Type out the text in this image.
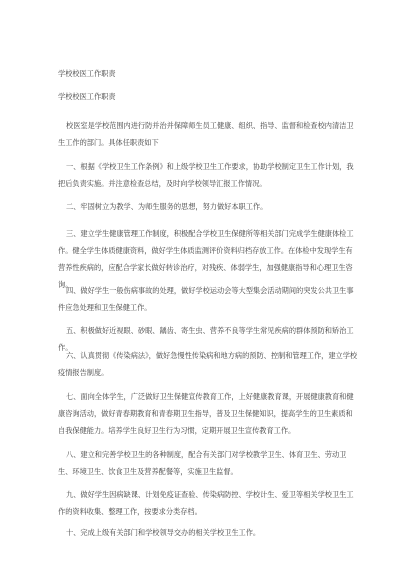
学校校医工作职责
学校校医工作职责
校医室是学校范围内进行防并治并保障师生员工健康、组织、指导、监督和检查校内清洁卫生工作的部门。具体任职责如下
一、根据《学校卫生工作条例》和上级学校卫生工作要求，协助学校制定卫生工作计划，我把后负责实施。并注意检查总结，及时向学校领导汇报工作情况。
二、牢固树立为教学、为师生服务的思想，努力做好本职工作。
三、建立学生健康管理工作制度，积极配合学校卫生保健所等相关部门完成学生健康体检工作。健全学生体质健康资料，做好学生体质监测评价资料归档存放工作。在体检中发现学生有营养性疾病的，应配合学家长做好转诊治疗，对残疾、体弱学生，加强健康指导和心理卫生咨询。
四、做好学生一般伤病事故的处理，做好学校运动会等大型集会活动期间的突发公共卫生事件应急处理和卫生保健工作。
五、积极做好近视眼、砂眼、龋齿、寄生虫、营养不良等学生常见疾病的群体预防和矫治工作。
六、认真贯彻《传染病法》，做好急慢性传染病和地方病的预防、控制和管理工作，建立学校疫情报告制度。
七、面向全体学生，广泛做好卫生保健宣传教育工作，上好健康教育课，开展健康教育和健康咨询活动，做好青春期教育和青春期卫生指导，普及卫生保健知识，提高学生的卫生素质和自我保健能力。培养学生良好卫生行为习惯，定期开展卫生宣传教育工作。
八、建立和完善学校卫生的各种制度，配合有关部门对学校教学卫生、体育卫生、劳动卫生、环境卫生、饮食卫生及营养配餐等，实施卫生监督。
九、做好学生因病缺课、计划免疫证查验、传染病防控、学校计生、爱卫等相关学校卫生工作的资料收集、整理工作，按要求分类存档。
十、完成上级有关部门和学校领导交办的相关学校卫生工作。
